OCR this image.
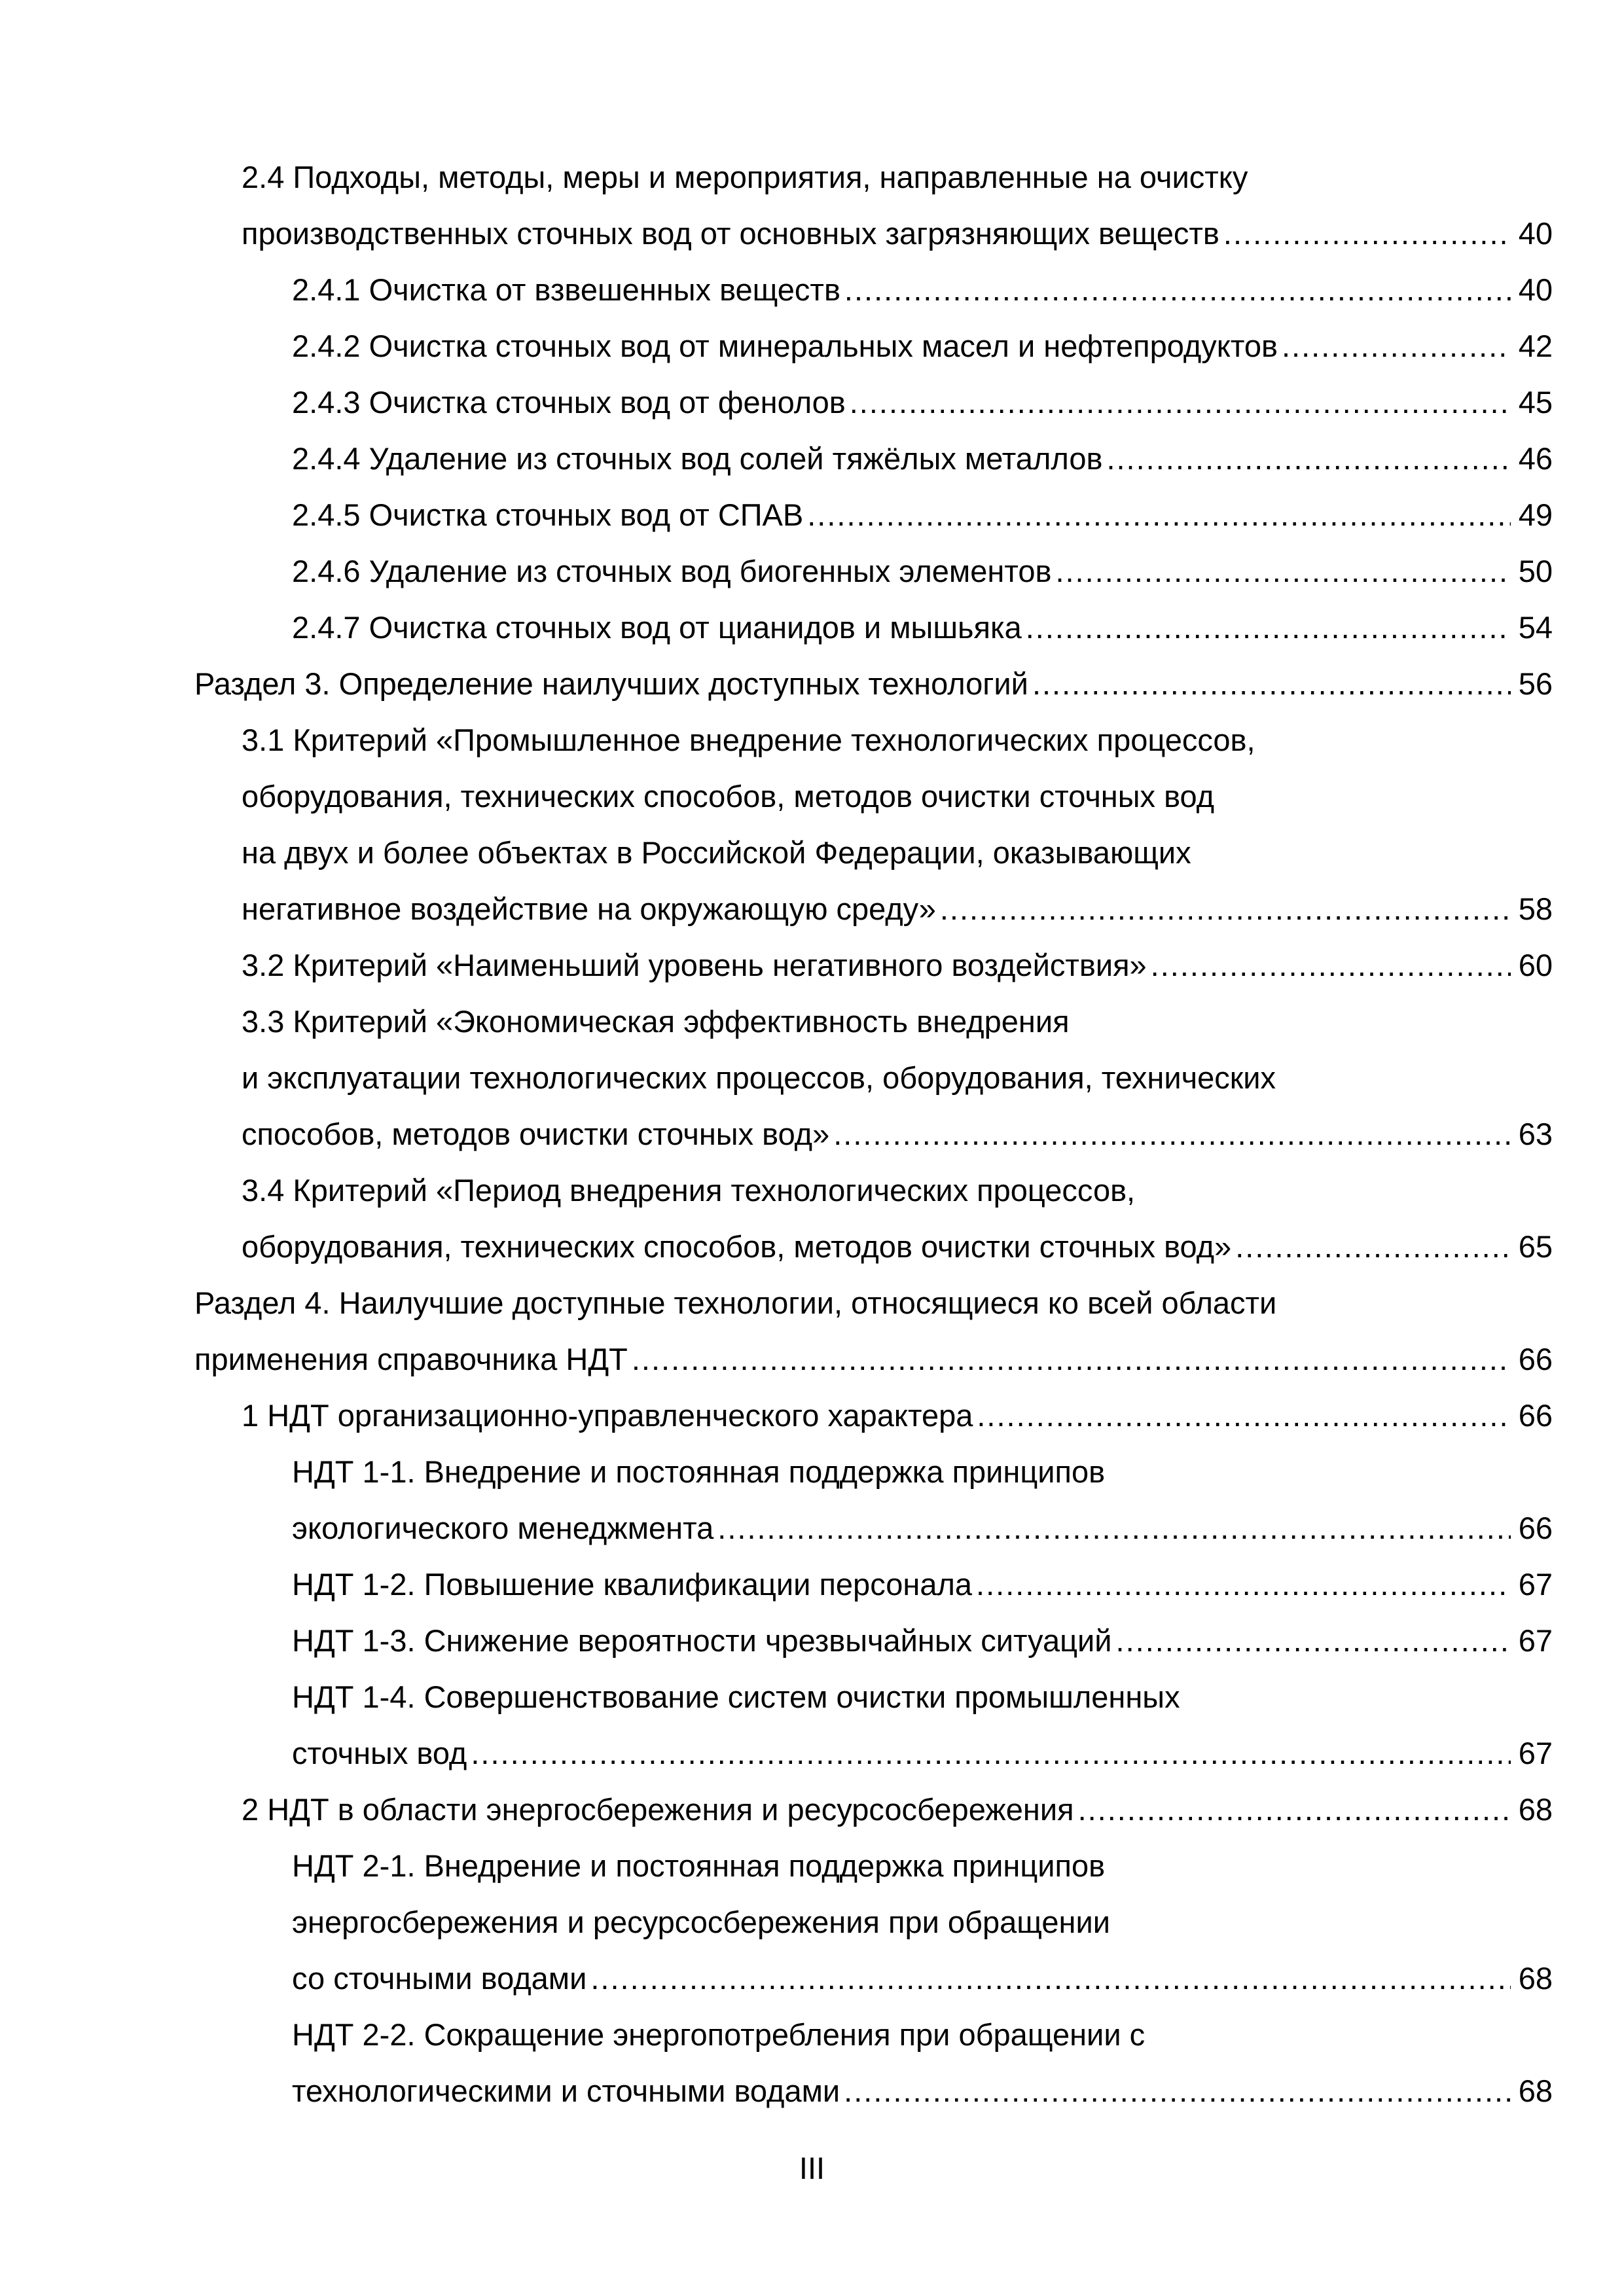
2.4 Подходы, методы, меры и мероприятия, направленные на очистку
производственных сточных вод от основных загрязняющих веществ .....	40
2.4.1 Очистка от взвешенных веществ .....	40
2.4.2 Очистка сточных вод от минеральных масел и нефтепродуктов .....	42
2.4.3 Очистка сточных вод от фенолов .....	45
2.4.4 Удаление из сточных вод солей тяжёлых металлов .....	46
2.4.5 Очистка сточных вод от СПАВ .....	49
2.4.6 Удаление из сточных вод биогенных элементов .....	50
2.4.7 Очистка сточных вод от цианидов и мышьяка .....	54
Раздел 3. Определение наилучших доступных технологий .....	56
3.1 Критерий «Промышленное внедрение технологических процессов,
оборудования, технических способов, методов очистки сточных вод
на двух и более объектах в Российской Федерации, оказывающих
негативное воздействие на окружающую среду» .....	58
3.2 Критерий «Наименьший уровень негативного воздействия» .....	60
3.3 Критерий «Экономическая эффективность внедрения
и эксплуатации технологических процессов, оборудования, технических
способов, методов очистки сточных вод» .....	63
3.4 Критерий «Период внедрения технологических процессов,
оборудования, технических способов, методов очистки сточных вод» .....	65
Раздел 4. Наилучшие доступные технологии, относящиеся ко всей области
применения справочника НДТ .....	66
1 НДТ организационно-управленческого характера .....	66
НДТ 1-1. Внедрение и постоянная поддержка принципов
экологического менеджмента .....	66
НДТ 1-2. Повышение квалификации персонала .....	67
НДТ 1-3. Снижение вероятности чрезвычайных ситуаций .....	67
НДТ 1-4. Совершенствование систем очистки промышленных
сточных вод .....	67
2 НДТ в области энергосбережения и ресурсосбережения .....	68
НДТ 2-1. Внедрение и постоянная поддержка принципов
энергосбережения и ресурсосбережения при обращении
со сточными водами .....	68
НДТ 2-2. Сокращение энергопотребления при обращении с
технологическими и сточными водами .....	68
III
